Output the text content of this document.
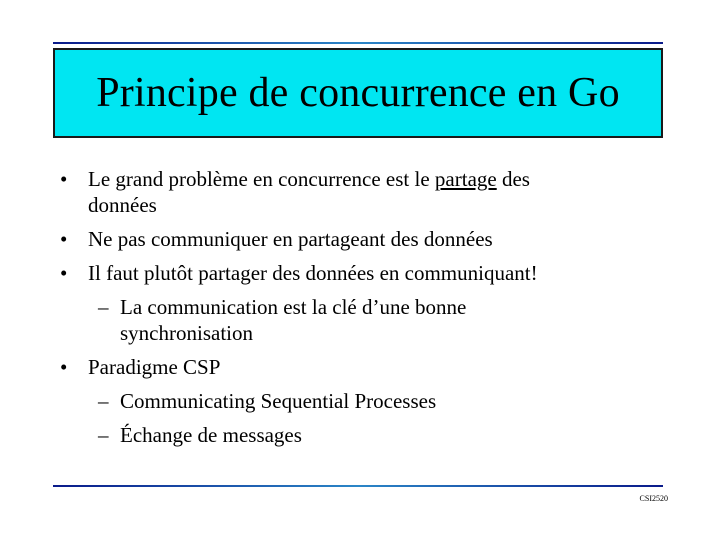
Principe de concurrence en Go

• Le grand problème en concurrence est le partage des
données

• Ne pas communiquer en partageant des données

• Il faut plutôt partager des données en communiquant!

– La communication est la clé d’une bonne
synchronisation

• Paradigme CSP

– Communicating Sequential Processes

– Échange de messages

CSI2520
